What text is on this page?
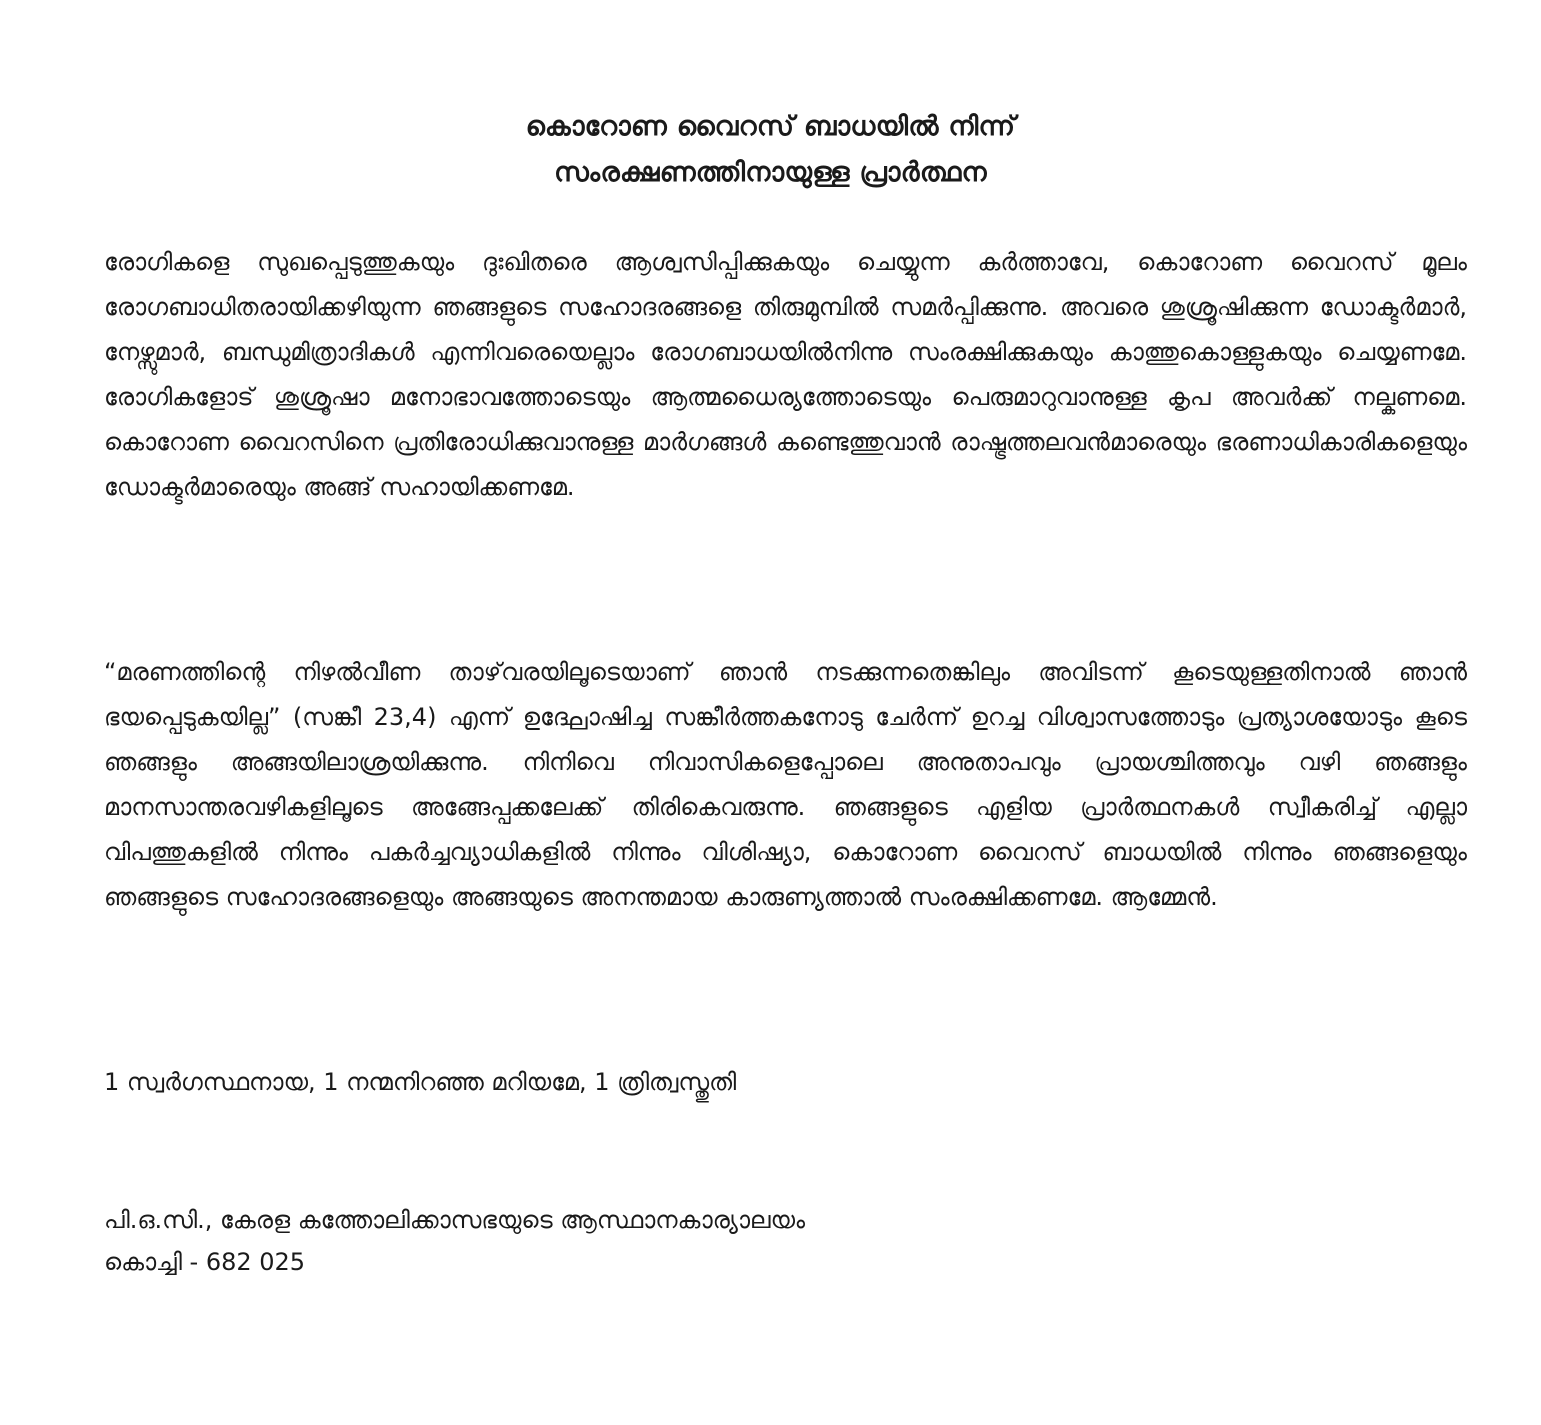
കൊറോണ വൈറസ് ബാധയിൽ നിന്ന്
സംരക്ഷണത്തിനായുള്ള പ്രാർത്ഥന

രോഗികളെ സുഖപ്പെടുത്തുകയും ദുഃഖിതരെ ആശ്വസിപ്പിക്കുകയും ചെയ്യുന്ന കർത്താവേ, കൊറോണ വൈറസ് മൂലം രോഗബാധിതരായിക്കഴിയുന്ന ഞങ്ങളുടെ സഹോദരങ്ങളെ തിരുമുമ്പിൽ സമർപ്പിക്കുന്നു. അവരെ ശുശ്രൂഷിക്കുന്ന ഡോക്ടർമാർ, നേഴ്സുമാർ, ബന്ധുമിത്രാദികൾ എന്നിവരെയെല്ലാം രോഗബാധയിൽനിന്നു സംരക്ഷിക്കുകയും കാത്തുകൊള്ളുകയും ചെയ്യണമേ. രോഗികളോട് ശുശ്രൂഷാ മനോഭാവത്തോടെയും ആത്മധൈര്യത്തോടെയും പെരുമാറുവാനുള്ള കൃപ അവർക്ക് നല്കണമെ. കൊറോണ വൈറസിനെ പ്രതിരോധിക്കുവാനുള്ള മാർഗങ്ങൾ കണ്ടെത്തുവാൻ രാഷ്ട്രത്തലവൻമാരെയും ഭരണാധികാരികളെയും ഡോക്ടർമാരെയും അങ്ങ് സഹായിക്കണമേ.

“മരണത്തിന്റെ നിഴൽവീണ താഴ്‌വരയിലൂടെയാണ് ഞാൻ നടക്കുന്നതെങ്കിലും അവിടന്ന് കൂടെയുള്ളതിനാൽ ഞാൻ ഭയപ്പെടുകയില്ല” (സങ്കീ 23,4) എന്ന് ഉദ്ഘോഷിച്ച സങ്കീർത്തകനോടു ചേർന്ന് ഉറച്ച വിശ്വാസത്തോടും പ്രത്യാശയോടും കൂടെ ഞങ്ങളും അങ്ങയിലാശ്രയിക്കുന്നു. നിനിവെ നിവാസികളെപ്പോലെ അനുതാപവും പ്രായശ്ചിത്തവും വഴി ഞങ്ങളും മാനസാന്തരവഴികളിലൂടെ അങ്ങേപ്പക്കലേക്ക് തിരികെവരുന്നു. ഞങ്ങളുടെ എളിയ പ്രാർത്ഥനകൾ സ്വീകരിച്ച് എല്ലാ വിപത്തുകളിൽ നിന്നും പകർച്ചവ്യാധികളിൽ നിന്നും വിശിഷ്യാ, കൊറോണ വൈറസ് ബാധയിൽ നിന്നും ഞങ്ങളെയും ഞങ്ങളുടെ സഹോദരങ്ങളെയും അങ്ങയുടെ അനന്തമായ കാരുണ്യത്താൽ സംരക്ഷിക്കണമേ. ആമ്മേൻ.

1 സ്വർഗസ്ഥനായ, 1 നന്മനിറഞ്ഞ മറിയമേ, 1 ത്രിത്വസ്തുതി
പി.ഒ.സി., കേരള കത്തോലിക്കാസഭയുടെ ആസ്ഥാനകാര്യാലയം
കൊച്ചി - 682 025
